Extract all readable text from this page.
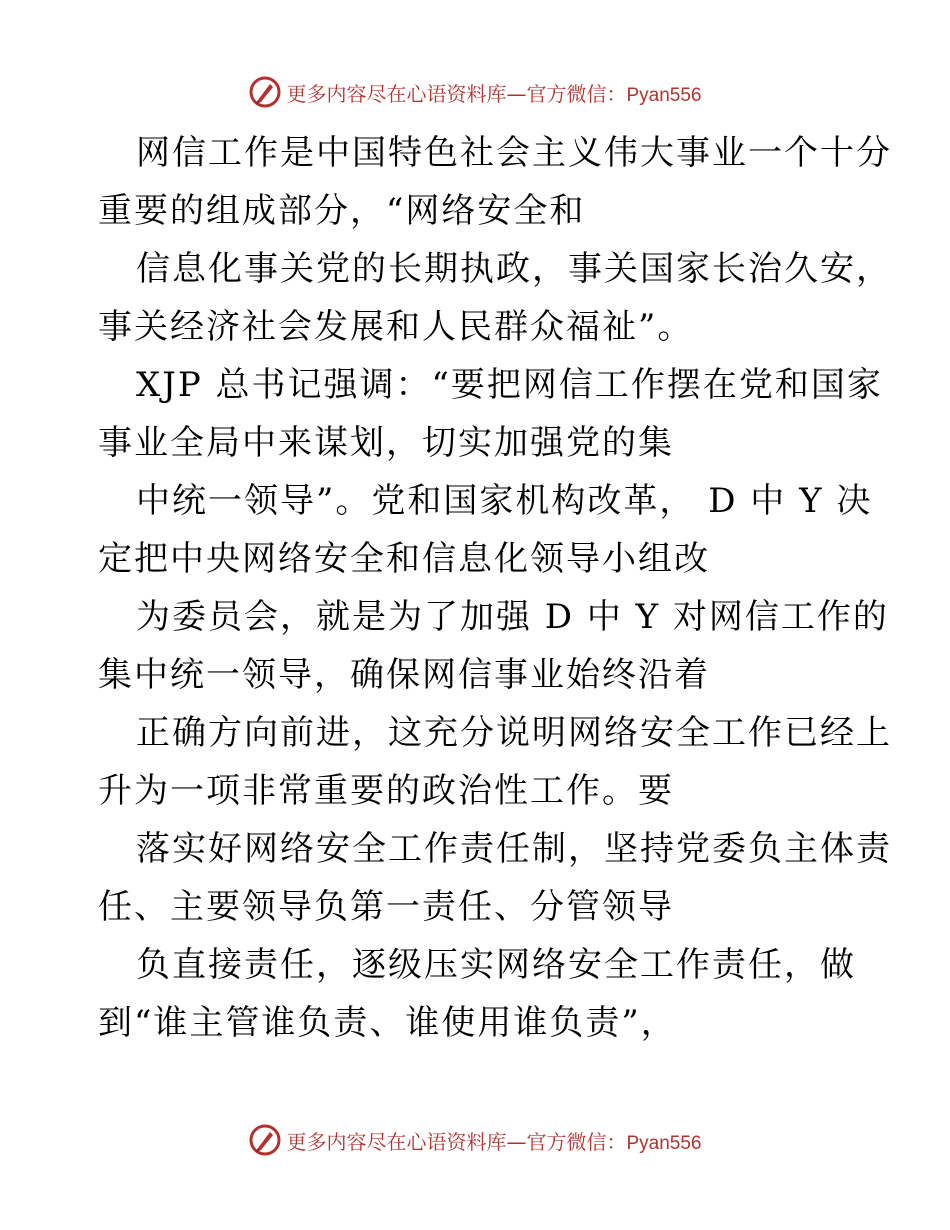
更多内容尽在心语资料库—官方微信：Pyan556
网信工作是中国特色社会主义伟大事业一个十分
重要的组成部分，“网络安全和
信息化事关党的长期执政，事关国家长治久安，
事关经济社会发展和人民群众福祉”。
XJP 总书记强调：“要把网信工作摆在党和国家
事业全局中来谋划，切实加强党的集
中统一领导”。党和国家机构改革， D 中 Y 决
定把中央网络安全和信息化领导小组改
为委员会，就是为了加强 D 中 Y 对网信工作的
集中统一领导，确保网信事业始终沿着
正确方向前进，这充分说明网络安全工作已经上
升为一项非常重要的政治性工作。要
落实好网络安全工作责任制，坚持党委负主体责
任、主要领导负第一责任、分管领导
负直接责任，逐级压实网络安全工作责任，做
到“谁主管谁负责、谁使用谁负责”，
更多内容尽在心语资料库—官方微信：Pyan556
